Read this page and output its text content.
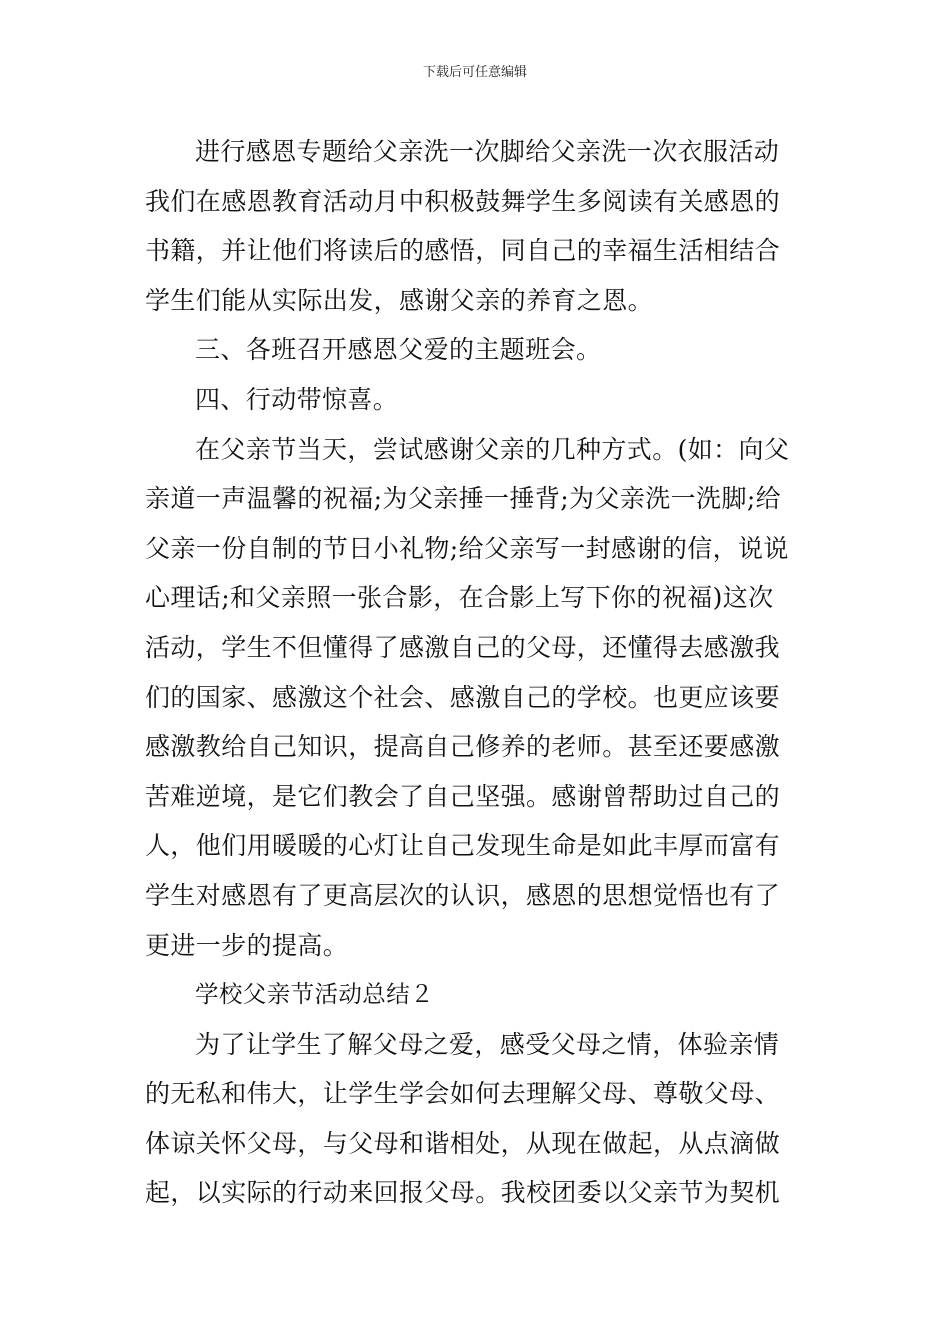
下载后可任意编辑
进行感恩专题给父亲洗一次脚给父亲洗一次衣服活动
我们在感恩教育活动月中积极鼓舞学生多阅读有关感恩的
书籍，并让他们将读后的感悟，同自己的幸福生活相结合
学生们能从实际出发，感谢父亲的养育之恩。
三、各班召开感恩父爱的主题班会。
四、行动带惊喜。
在父亲节当天，尝试感谢父亲的几种方式。(如：向父
亲道一声温馨的祝福;为父亲捶一捶背;为父亲洗一洗脚;给
父亲一份自制的节日小礼物;给父亲写一封感谢的信，说说
心理话;和父亲照一张合影，在合影上写下你的祝福)这次
活动，学生不但懂得了感激自己的父母，还懂得去感激我
们的国家、感激这个社会、感激自己的学校。也更应该要
感激教给自己知识，提高自己修养的老师。甚至还要感激
苦难逆境，是它们教会了自己坚强。感谢曾帮助过自己的
人，他们用暖暖的心灯让自己发现生命是如此丰厚而富有
学生对感恩有了更高层次的认识，感恩的思想觉悟也有了
更进一步的提高。
学校父亲节活动总结２
为了让学生了解父母之爱，感受父母之情，体验亲情
的无私和伟大，让学生学会如何去理解父母、尊敬父母、
体谅关怀父母，与父母和谐相处，从现在做起，从点滴做
起，以实际的行动来回报父母。我校团委以父亲节为契机
